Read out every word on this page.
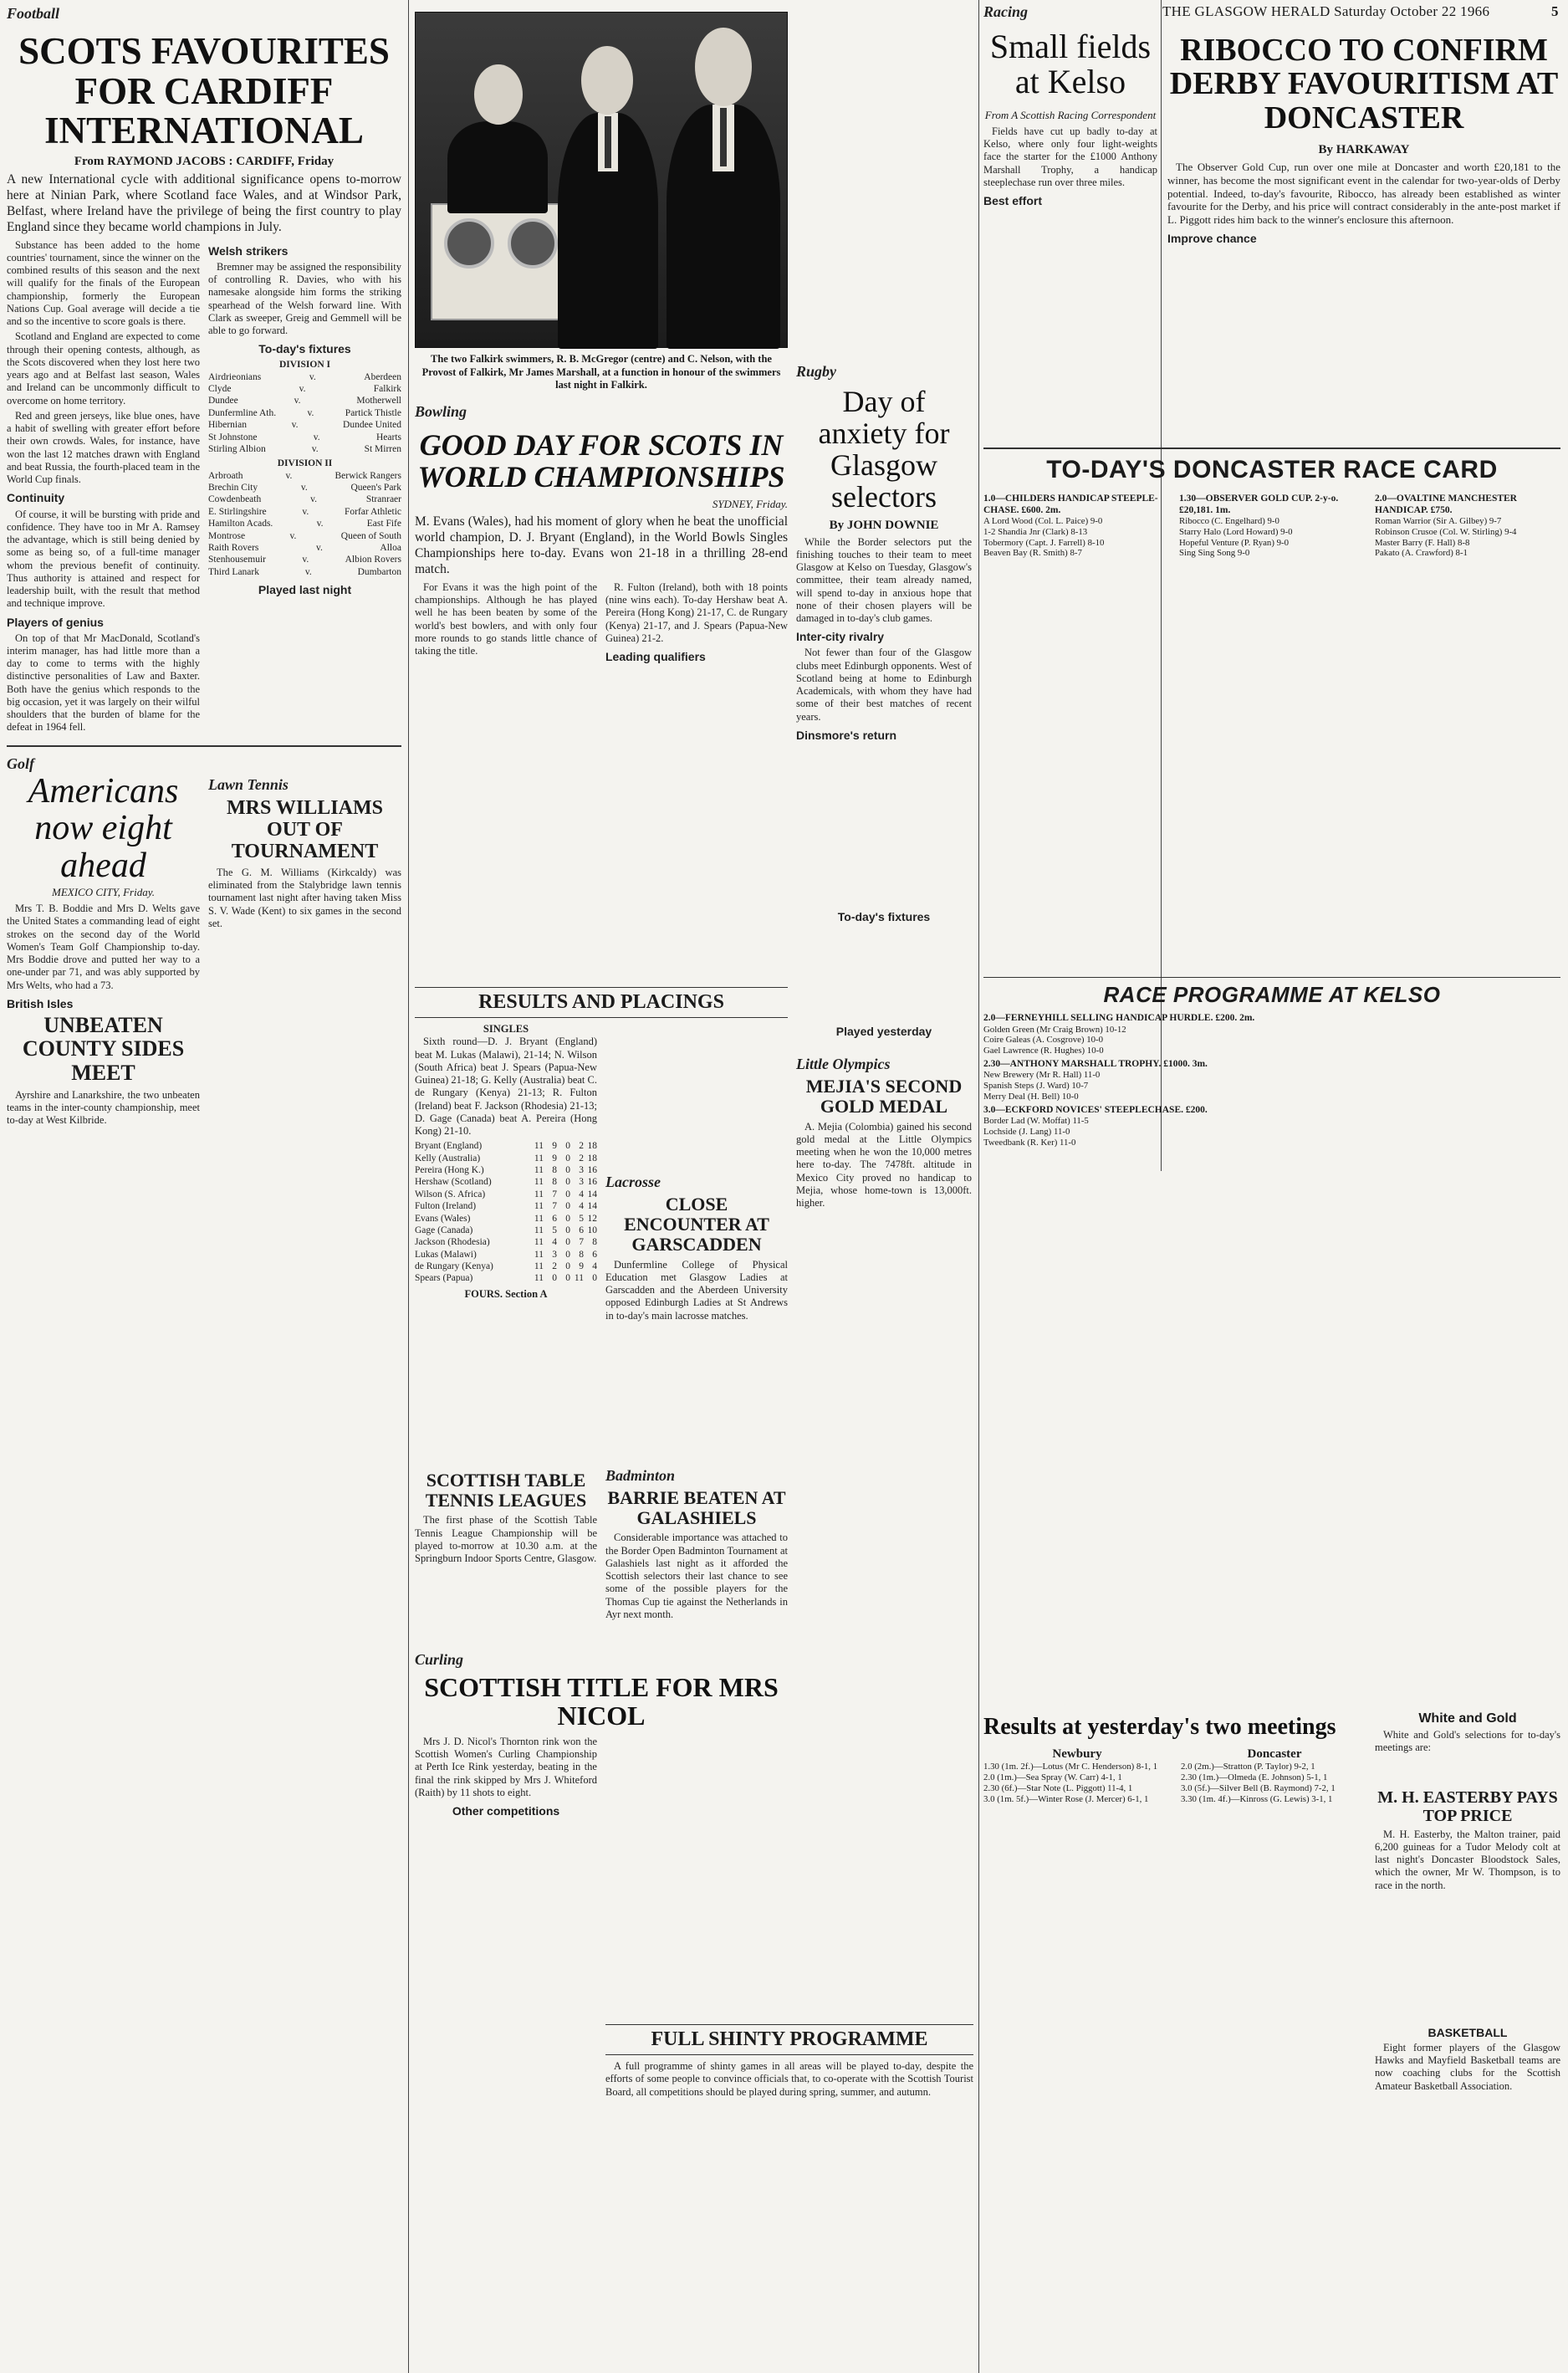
Football	THE GLASGOW HERALD Saturday October 22 1966	5
SCOTS FAVOURITES FOR CARDIFF INTERNATIONAL
From RAYMOND JACOBS : CARDIFF, Friday
A new International cycle with additional significance opens to-morrow here at Ninian Park, where Scotland face Wales, and at Windsor Park, Belfast, where Ireland have the privilege of being the first country to play England since they became world champions in July.

Substance has been added to the home countries' tournament, since the winner on the combined results of this season and the next will qualify for the finals of the European championship, formerly the European Nations Cup. Goal average will decide a tie and so the incentive to score goals is there.

Scotland and England are expected to come through their opening contests, although, as the Scots discovered when they lost here two years ago and at Belfast last season, Wales and Ireland can be uncommonly difficult to overcome on home territory.

Red and green jerseys, like blue ones, have a habit of swelling with greater effort before their own crowds. Wales, for instance, have won the last 12 matches drawn with England and beat Russia, the fourth-placed team in the World Cup finals.

Continuity

Of course, it will be bursting with pride and confidence. They have too in Mr A. Ramsey the advantage, which is still being denied by some as being so, of a full-time manager whom the previous benefit of continuity. Thus authority is attained and respect for leadership built, with the result that method and technique improve.

Players of genius

On top of that Mr MacDonald, Scotland's interim manager, has had little more than a day to come to terms with the highly distinctive personalities of Law and Baxter. Both have the genius which responds to the big occasion, yet it was largely on their wilful shoulders that the burden of blame for the defeat in 1964 fell.

Welsh strikers

Bremner may be assigned the responsibility of controlling R. Davies, who with his namesake alongside him forms the striking spearhead of the Welsh forward line. With Clark as sweeper, Greig and Gemmell will be able to go forward.

To-day's fixtures
DIVISION I
Airdrieonians	v.	Aberdeen
Clyde	v.	Falkirk
Dundee	v.	Motherwell
Dunfermline Ath.	v.	Partick Thistle
Hibernian	v.	Dundee United
St Johnstone	v.	Hearts
Stirling Albion	v.	St Mirren
DIVISION II
Arbroath	v.	Berwick Rangers
Brechin City	v.	Queen's Park
Cowdenbeath	v.	Stranraer
E. Stirlingshire	v.	Forfar Athletic
Hamilton Acads.	v.	East Fife
Montrose	v.	Queen of South
Raith Rovers	v.	Alloa
Stenhousemuir	v.	Albion Rovers
Third Lanark	v.	Dumbarton
Played last night
Golf
Americans now eight ahead
MEXICO CITY, Friday.

Mrs T. B. Boddie and Mrs D. Welts gave the United States a commanding lead of eight strokes on the second day of the World Women's Team Golf Championship to-day. Mrs Boddie drove and putted her way to a one-under par 71, and was ably supported by Mrs Welts, who had a 73.

British Isles
UNBEATEN COUNTY SIDES MEET

Ayrshire and Lanarkshire, the two unbeaten teams in the inter-county championship, meet to-day at West Kilbride.

Lawn Tennis
MRS WILLIAMS OUT OF TOURNAMENT

The G. M. Williams (Kirkcaldy) was eliminated from the Stalybridge lawn tennis tournament last night after having taken Miss S. V. Wade (Kent) to six games in the second set.

The two Falkirk swimmers, R. B. McGregor (centre) and C. Nelson, with the Provost of Falkirk, Mr James Marshall, at a function in honour of the swimmers last night in Falkirk.
Bowling
GOOD DAY FOR SCOTS IN WORLD CHAMPIONSHIPS
SYDNEY, Friday.
M. Evans (Wales), had his moment of glory when he beat the unofficial world champion, D. J. Bryant (England), in the World Bowls Singles Championships here to-day. Evans won 21-18 in a thrilling 28-end match.

For Evans it was the high point of the championships. Although he has played well he has been beaten by some of the world's best bowlers, and with only four more rounds to go stands little chance of taking the title.

R. Fulton (Ireland), both with 18 points (nine wins each). To-day Hershaw beat A. Pereira (Hong Kong) 21-17, C. de Rungary (Kenya) 21-17, and J. Spears (Papua-New Guinea) 21-2.

Leading qualifiers
RESULTS AND PLACINGS
SINGLES

Sixth round—D. J. Bryant (England) beat M. Lukas (Malawi), 21-14; N. Wilson (South Africa) beat J. Spears (Papua-New Guinea) 21-18; G. Kelly (Australia) beat C. de Rungary (Kenya) 21-13; R. Fulton (Ireland) beat F. Jackson (Rhodesia) 21-13; D. Gage (Canada) beat A. Pereira (Hong Kong) 21-10.

Bryant (England)	11 9 0 2 18
Kelly (Australia)	11 9 0 2 18
Pereira (Hong K.)	11 8 0 3 16
Hershaw (Scotland)	11 8 0 3 16
Wilson (S. Africa)	11 7 0 4 14
Fulton (Ireland)	11 7 0 4 14
Evans (Wales)	11 6 0 5 12
Gage (Canada)	11 5 0 6 10
Jackson (Rhodesia)	11 4 0 7 8
Lukas (Malawi)	11 3 0 8 6
de Rungary (Kenya)	11 2 0 9 4
Spears (Papua)	11 0 0 11 0
FOURS. Section A
Lacrosse
CLOSE ENCOUNTER AT GARSCADDEN

Dunfermline College of Physical Education met Glasgow Ladies at Garscadden and the Aberdeen University opposed Edinburgh Ladies at St Andrews in to-day's main lacrosse matches.

SCOTTISH TABLE TENNIS LEAGUES

The first phase of the Scottish Table Tennis League Championship will be played to-morrow at 10.30 a.m. at the Springburn Indoor Sports Centre, Glasgow.

Badminton
BARRIE BEATEN AT GALASHIELS

Considerable importance was attached to the Border Open Badminton Tournament at Galashiels last night as it afforded the Scottish selectors their last chance to see some of the possible players for the Thomas Cup tie against the Netherlands in Ayr next month.

Curling
SCOTTISH TITLE FOR MRS NICOL

Mrs J. D. Nicol's Thornton rink won the Scottish Women's Curling Championship at Perth Ice Rink yesterday, beating in the final the rink skipped by Mrs J. Whiteford (Raith) by 11 shots to eight.

Other competitions
FULL SHINTY PROGRAMME

A full programme of shinty games in all areas will be played to-day, despite the efforts of some people to convince officials that, to co-operate with the Scottish Tourist Board, all competitions should be played during spring, summer, and autumn.

Rugby
Day of anxiety for Glasgow selectors
By JOHN DOWNIE

While the Border selectors put the finishing touches to their team to meet Glasgow at Kelso on Tuesday, Glasgow's committee, their team already named, will spend to-day in anxious hope that none of their chosen players will be damaged in to-day's club games.

Inter-city rivalry

Not fewer than four of the Glasgow clubs meet Edinburgh opponents. West of Scotland being at home to Edinburgh Academicals, with whom they have had some of their best matches of recent years.

Dinsmore's return
To-day's fixtures
Played yesterday
Little Olympics
MEJIA'S SECOND GOLD MEDAL

A. Mejia (Colombia) gained his second gold medal at the Little Olympics meeting when he won the 10,000 metres here to-day. The 7478ft. altitude in Mexico City proved no handicap to Mejia, whose home-town is 13,000ft. higher.

Racing
Small fields at Kelso
From A Scottish Racing Correspondent

Fields have cut up badly to-day at Kelso, where only four light-weights face the starter for the £1000 Anthony Marshall Trophy, a handicap steeplechase run over three miles.

Best effort
RIBOCCO TO CONFIRM DERBY FAVOURITISM AT DONCASTER
By HARKAWAY

The Observer Gold Cup, run over one mile at Doncaster and worth £20,181 to the winner, has become the most significant event in the calendar for two-year-olds of Derby potential. Indeed, to-day's favourite, Ribocco, has already been established as winter favourite for the Derby, and his price will contract considerably in the ante-post market if L. Piggott rides him back to the winner's enclosure this afternoon.

Improve chance
TO-DAY'S DONCASTER RACE CARD
1.0—CHILDERS HANDICAP STEEPLE-CHASE. £600. 2m.
A Lord Wood (Col. L. Paice) 9-0
1-2 Shandia Jnr (Clark) 8-13
Tobermory (Capt. J. Farrell) 8-10
Beaven Bay (R. Smith) 8-7
1.30—OBSERVER GOLD CUP. 2-y-o. £20,181. 1m.
Ribocco (C. Engelhard) 9-0
Starry Halo (Lord Howard) 9-0
Hopeful Venture (P. Ryan) 9-0
Sing Sing Song 9-0
2.0—OVALTINE MANCHESTER HANDICAP. £750.
Roman Warrior (Sir A. Gilbey) 9-7
Robinson Crusoe (Col. W. Stirling) 9-4
Master Barry (F. Hall) 8-8
Pakato (A. Crawford) 8-1
RACE PROGRAMME AT KELSO
2.0—FERNEYHILL SELLING HANDICAP HURDLE. £200. 2m.
Golden Green (Mr Craig Brown) 10-12
Coire Galeas (A. Cosgrove) 10-0
Gael Lawrence (R. Hughes) 10-0
2.30—ANTHONY MARSHALL TROPHY. £1000. 3m.
New Brewery (Mr R. Hall) 11-0
Spanish Steps (J. Ward) 10-7
Merry Deal (H. Bell) 10-0
3.0—ECKFORD NOVICES' STEEPLECHASE. £200.
Border Lad (W. Moffat) 11-5
Lochside (J. Lang) 11-0
Tweedbank (R. Ker) 11-0
Results at yesterday's two meetings
Newbury
1.30 (1m. 2f.)—Lotus (Mr C. Henderson) 8-1, 1
2.0 (1m.)—Sea Spray (W. Carr) 4-1, 1
2.30 (6f.)—Star Note (L. Piggott) 11-4, 1
3.0 (1m. 5f.)—Winter Rose (J. Mercer) 6-1, 1
Doncaster
2.0 (2m.)—Stratton (P. Taylor) 9-2, 1
2.30 (1m.)—Olmeda (E. Johnson) 5-1, 1
3.0 (5f.)—Silver Bell (B. Raymond) 7-2, 1
3.30 (1m. 4f.)—Kinross (G. Lewis) 3-1, 1
White and Gold

White and Gold's selections for to-day's meetings are:

M. H. EASTERBY PAYS TOP PRICE

M. H. Easterby, the Malton trainer, paid 6,200 guineas for a Tudor Melody colt at last night's Doncaster Bloodstock Sales, which the owner, Mr W. Thompson, is to race in the north.

BASKETBALL

Eight former players of the Glasgow Hawks and Mayfield Basketball teams are now coaching clubs for the Scottish Amateur Basketball Association.
